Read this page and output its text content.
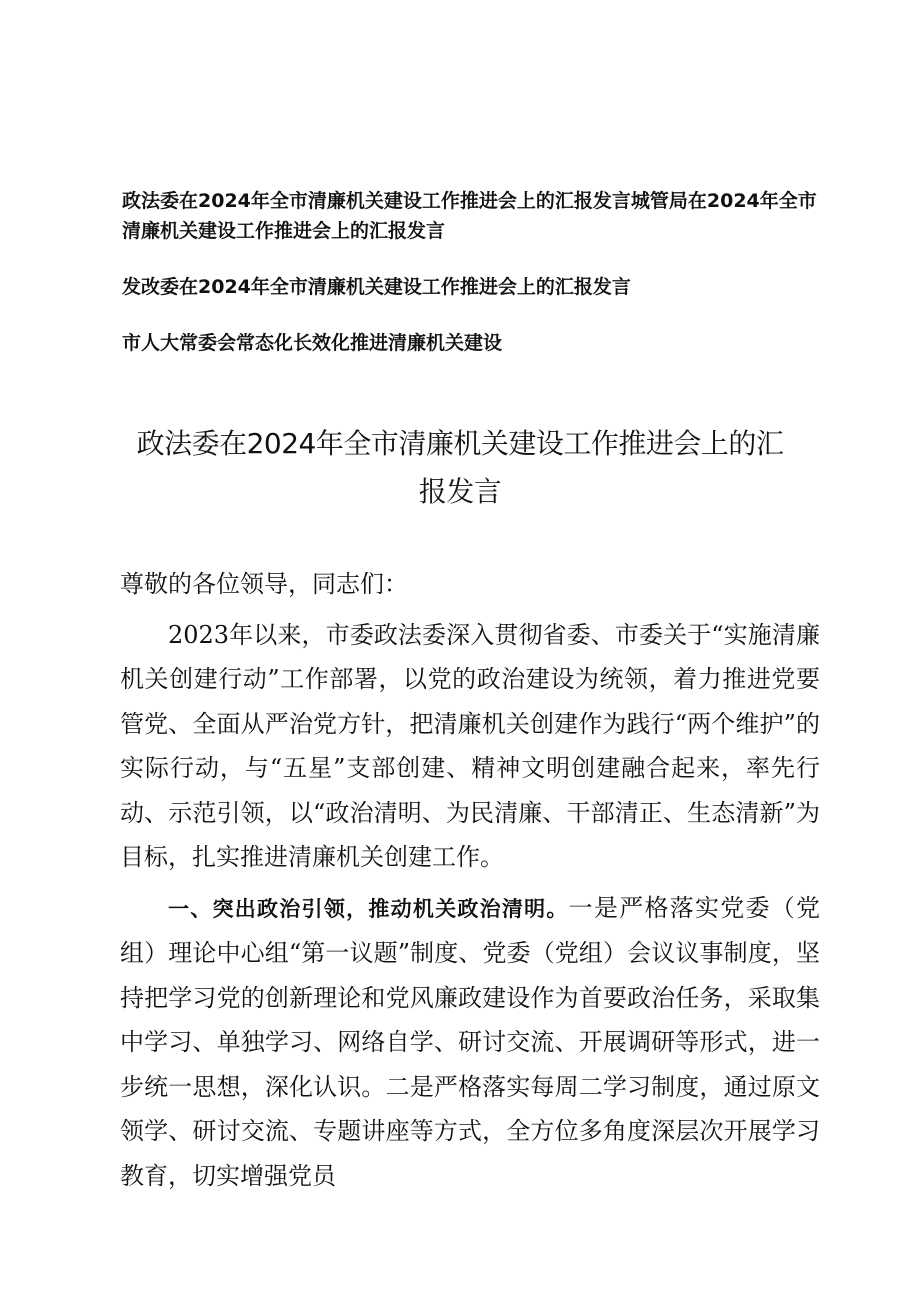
政法委在2024年全市清廉机关建设工作推进会上的汇报发言城管局在2024年全市清廉机关建设工作推进会上的汇报发言
发改委在2024年全市清廉机关建设工作推进会上的汇报发言
市人大常委会常态化长效化推进清廉机关建设
政法委在2024年全市清廉机关建设工作推进会上的汇
报发言
尊敬的各位领导，同志们：
2023年以来，市委政法委深入贯彻省委、市委关于“实施清廉机关创建行动”工作部署，以党的政治建设为统领，着力推进党要管党、全面从严治党方针，把清廉机关创建作为践行“两个维护”的实际行动，与“五星”支部创建、精神文明创建融合起来，率先行动、示范引领，以“政治清明、为民清廉、干部清正、生态清新”为目标，扎实推进清廉机关创建工作。
一、突出政治引领，推动机关政治清明。一是严格落实党委（党组）理论中心组“第一议题”制度、党委（党组）会议议事制度，坚持把学习党的创新理论和党风廉政建设作为首要政治任务，采取集中学习、单独学习、网络自学、研讨交流、开展调研等形式，进一步统一思想，深化认识。二是严格落实每周二学习制度，通过原文领学、研讨交流、专题讲座等方式，全方位多角度深层次开展学习教育，切实增强党员
